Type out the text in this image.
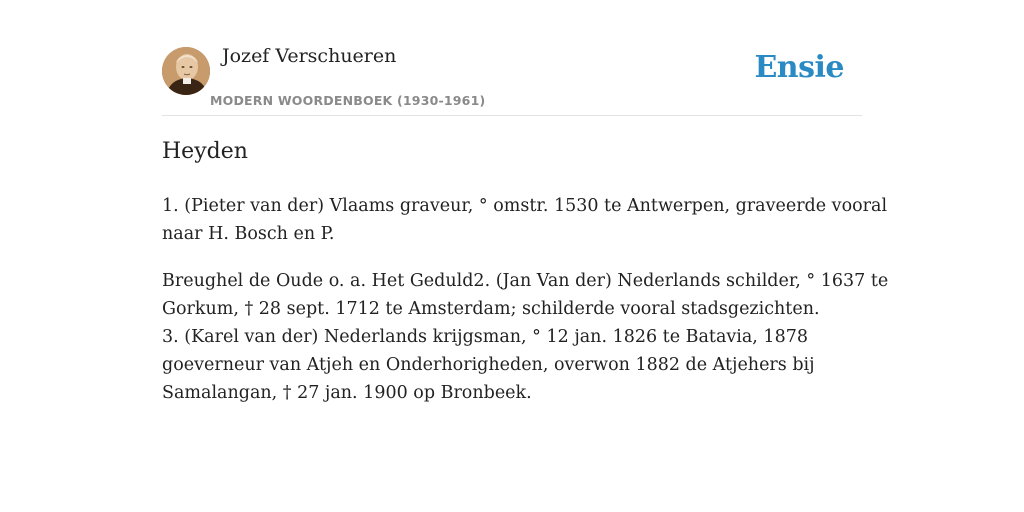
Jozef Verschueren
MODERN WOORDENBOEK (1930-1961)
Ensie
Heyden

1. (Pieter van der) Vlaams graveur, ° omstr. 1530 te Antwerpen, graveerde vooral
naar H. Bosch en P.

Breughel de Oude o. a. Het Geduld2. (Jan Van der) Nederlands schilder, ° 1637 te
Gorkum, † 28 sept. 1712 te Amsterdam; schilderde vooral stadsgezichten.
3. (Karel van der) Nederlands krijgsman, ° 12 jan. 1826 te Batavia, 1878
goeverneur van Atjeh en Onderhorigheden, overwon 1882 de Atjehers bij
Samalangan, † 27 jan. 1900 op Bronbeek.
